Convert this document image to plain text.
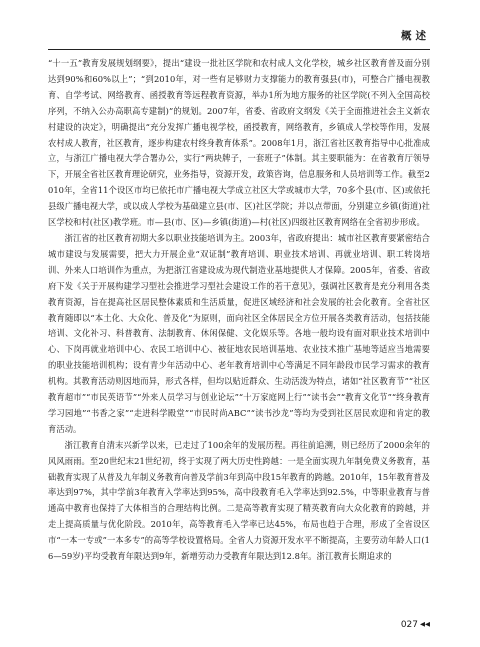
概述

“十一五”教育发展规划纲要》，提出“建设一批社区学院和农村成人文化学校，城乡社区教育普及面分别达到90%和60%以上”；“到2010年，对一些有足够财力支撑能力的教育强县(市)，可整合广播电视教育、自学考试、网络教育、函授教育等远程教育资源，举办1所为地方服务的社区学院(不列入全国高校序列，不纳入公办高职高专建制)”的规划。2007年，省委、省政府文纲发《关于全面推进社会主义新农村建设的决定》，明确提出“充分发挥广播电视学校，函授教育，网络教育，乡镇成人学校等作用，发展农村成人教育，社区教育，逐步构建农村终身教育体系”。2008年1月，浙江省社区教育指导中心批准成立，与浙江广播电视大学合署办公，实行“两块牌子，一套班子”体制。其主要职能为：在省教育厅领导下，开展全省社区教育理论研究，业务指导，资源开发，政策咨询，信息服务和人员培训等工作。截至2010年，全省11个设区市均已依托市广播电视大学成立社区大学或城市大学，70多个县(市、区)或依托县级广播电视大学，或以成人学校为基础建立县(市、区)社区学院；并以点带面，分别建立乡镇(街道)社区学校和村(社区)教学班。市—县(市、区)—乡镇(街道)—村(社区)四级社区教育网络在全省初步形成。

浙江省的社区教育初期大多以职业技能培训为主。2003年，省政府提出：城市社区教育要紧密结合城市建设与发展需要，把大力开展企业“双证制”教育培训、职业技术培训、再就业培训、职工转岗培训、外来人口培训作为重点，为把浙江省建设成为现代制造业基地提供人才保障。2005年，省委、省政府下发《关于开展构建学习型社会推进学习型社会建设工作的若干意见》，强调社区教育是充分利用各类教育资源，旨在提高社区居民整体素质和生活质量，促进区域经济和社会发展的社会化教育。全省社区教育随即以“本土化、大众化、普及化”为原则，面向社区全体居民全方位开展各类教育活动，包括技能培训、文化补习、科普教育、法制教育、休闲保健、文化娱乐等。各地一般均设有面对职业技术培训中心、下岗再就业培训中心、农民工培训中心、被征地农民培训基地、农业技术推广基地等适应当地需要的职业技能培训机构；设有青少年活动中心、老年教育培训中心等满足不同年龄段市民学习需求的教育机构。其教育活动则因地而异，形式各样，但均以贴近群众、生动活泼为特点，诸如“社区教育节”“社区教育超市”“市民英语节”“外来人员学习与创业论坛”“十万家庭网上行”“读书会”“教育文化节”“终身教育学习园地”“书香之家”“走进科学殿堂”“市民时尚ABC”“读书沙龙”等均为受到社区居民欢迎和肯定的教育活动。

浙江教育自清末兴新学以来，已走过了100余年的发展历程。再往前追溯，则已经历了2000余年的风风雨雨。至20世纪末21世纪初，终于实现了两大历史性跨越：一是全面实现九年制免费义务教育，基础教育实现了从普及九年制义务教育向普及学前3年到高中段15年教育的跨越。2010年，15年教育普及率达到97%，其中学前3年教育入学率达到95%，高中段教育毛入学率达到92.5%，中等职业教育与普通高中教育也保持了大体相当的合理结构比例。二是高等教育实现了精英教育向大众化教育的跨越，并走上提高质量与优化阶段。2010年，高等教育毛入学率已达45%，布局也趋于合理，形成了全省设区市“一本一专或”一本多专”的高等学校设置格局。全省人力资源开发水平不断提高，主要劳动年龄人口(16—59岁)平均受教育年限达到9年，新增劳动力受教育年限达到12.8年。浙江教育长期追求的

027 ◀◀
